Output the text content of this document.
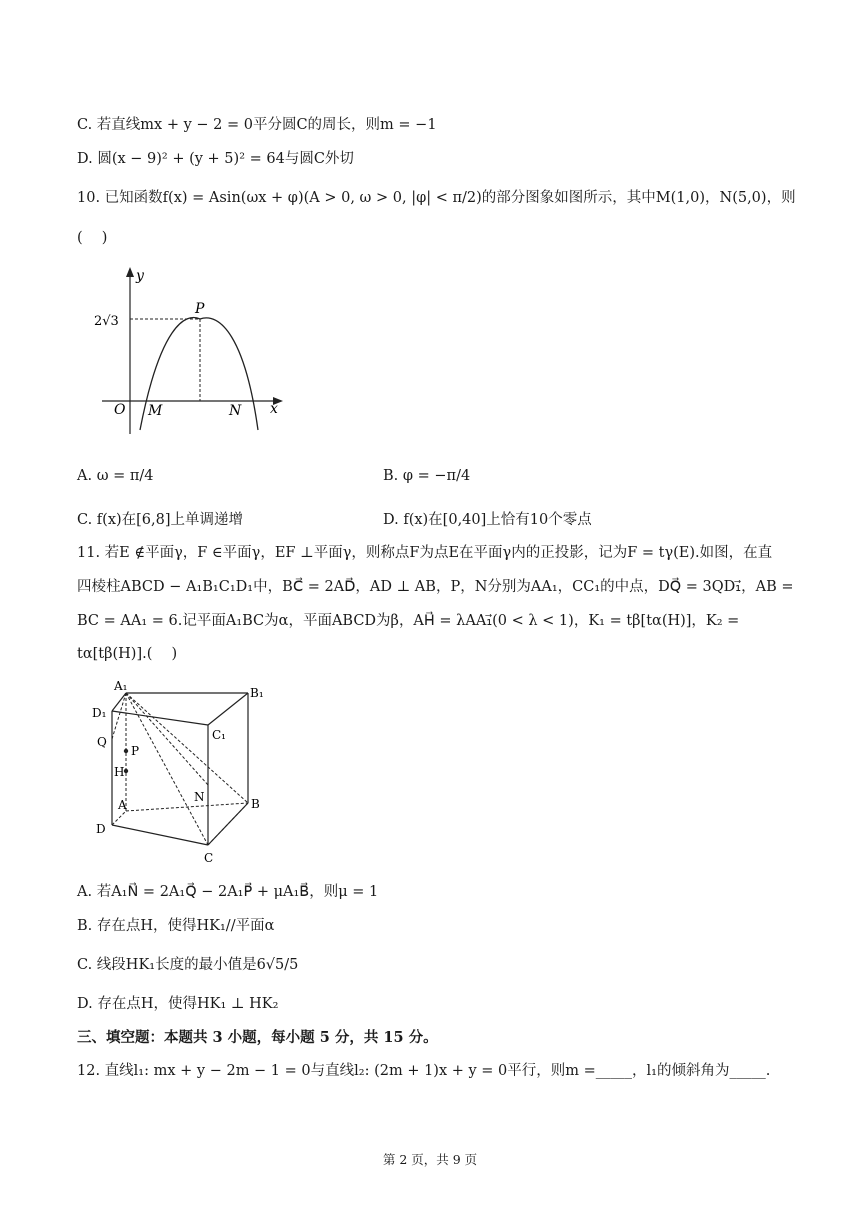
C. 若直线mx + y − 2 = 0平分圆C的周长，则m = −1
D. 圆(x − 9)² + (y + 5)² = 64与圆C外切
10. 已知函数f(x) = Asin(ωx + φ)(A > 0, ω > 0, |φ| < π/2)的部分图象如图所示，其中M(1,0)，N(5,0)，则
(　 )
y
x
O
P
2√3
M	N
A. ω = π/4	B. φ = −π/4
C. f(x)在[6,8]上单调递增	D. f(x)在[0,40]上恰有10个零点
11. 若E ∉平面γ，F ∈平面γ，EF ⊥平面γ，则称点F为点E在平面γ内的正投影，记为F = tγ(E).如图，在直
四棱柱ABCD − A₁B₁C₁D₁中，BC⃗ = 2AD⃗，AD ⊥ AB，P，N分别为AA₁，CC₁的中点，DQ⃗ = 3QD₁⃗，AB =
BC = AA₁ = 6.记平面A₁BC为α，平面ABCD为β，AH⃗ = λAA₁⃗(0 < λ < 1)，K₁ = tβ[tα(H)]，K₂ =
tα[tβ(H)].(　 )
A₁	B₁
C₁
D₁
A	B
C
D
P
H
Q
N
A. 若A₁N⃗ = 2A₁Q⃗ − 2A₁P⃗ + μA₁B⃗，则μ = 1
B. 存在点H，使得HK₁//平面α
C. 线段HK₁长度的最小值是6√5/5
D. 存在点H，使得HK₁ ⊥ HK₂
三、填空题：本题共 3 小题，每小题 5 分，共 15 分。
12. 直线l₁: mx + y − 2m − 1 = 0与直线l₂: (2m + 1)x + y = 0平行，则m =_____，l₁的倾斜角为_____.
第 2 页，共 9 页
